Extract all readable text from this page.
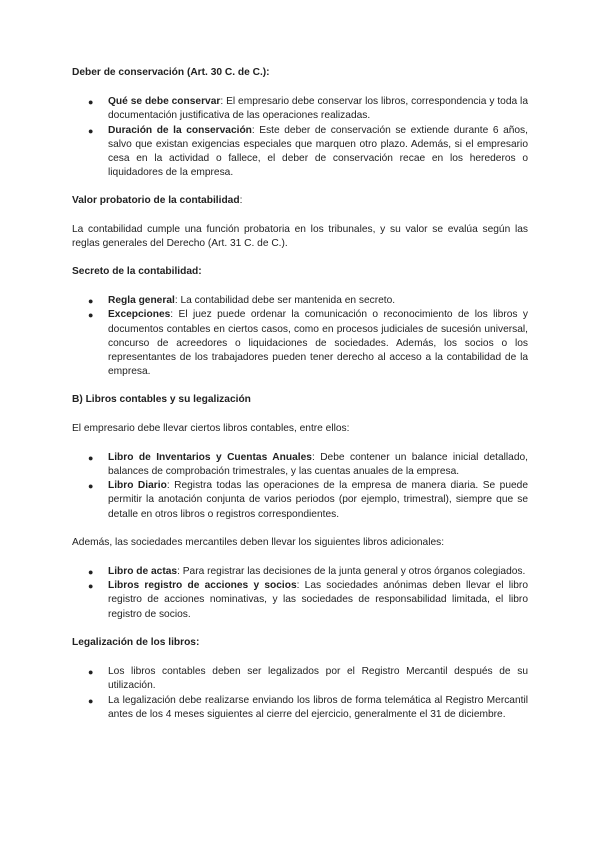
Deber de conservación (Art. 30 C. de C.):

● Qué se debe conservar: El empresario debe conservar los libros, correspondencia y toda la documentación justificativa de las operaciones realizadas.
● Duración de la conservación: Este deber de conservación se extiende durante 6 años, salvo que existan exigencias especiales que marquen otro plazo. Además, si el empresario cesa en la actividad o fallece, el deber de conservación recae en los herederos o liquidadores de la empresa.

Valor probatorio de la contabilidad:

La contabilidad cumple una función probatoria en los tribunales, y su valor se evalúa según las reglas generales del Derecho (Art. 31 C. de C.).

Secreto de la contabilidad:

● Regla general: La contabilidad debe ser mantenida en secreto.
● Excepciones: El juez puede ordenar la comunicación o reconocimiento de los libros y documentos contables en ciertos casos, como en procesos judiciales de sucesión universal, concurso de acreedores o liquidaciones de sociedades. Además, los socios o los representantes de los trabajadores pueden tener derecho al acceso a la contabilidad de la empresa.

B) Libros contables y su legalización

El empresario debe llevar ciertos libros contables, entre ellos:

● Libro de Inventarios y Cuentas Anuales: Debe contener un balance inicial detallado, balances de comprobación trimestrales, y las cuentas anuales de la empresa.
● Libro Diario: Registra todas las operaciones de la empresa de manera diaria. Se puede permitir la anotación conjunta de varios periodos (por ejemplo, trimestral), siempre que se detalle en otros libros o registros correspondientes.

Además, las sociedades mercantiles deben llevar los siguientes libros adicionales:

● Libro de actas: Para registrar las decisiones de la junta general y otros órganos colegiados.
● Libros registro de acciones y socios: Las sociedades anónimas deben llevar el libro registro de acciones nominativas, y las sociedades de responsabilidad limitada, el libro registro de socios.

Legalización de los libros:

● Los libros contables deben ser legalizados por el Registro Mercantil después de su utilización.
● La legalización debe realizarse enviando los libros de forma telemática al Registro Mercantil antes de los 4 meses siguientes al cierre del ejercicio, generalmente el 31 de diciembre.
